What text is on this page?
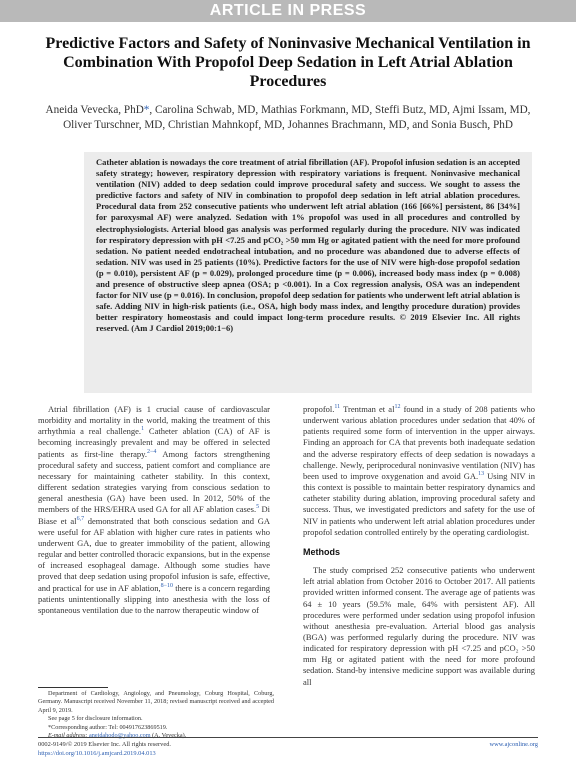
ARTICLE IN PRESS
Predictive Factors and Safety of Noninvasive Mechanical Ventilation in Combination With Propofol Deep Sedation in Left Atrial Ablation Procedures
Aneida Vevecka, PhD*, Carolina Schwab, MD, Mathias Forkmann, MD, Steffi Butz, MD, Ajmi Issam, MD, Oliver Turschner, MD, Christian Mahnkopf, MD, Johannes Brachmann, MD, and Sonia Busch, PhD
Catheter ablation is nowadays the core treatment of atrial fibrillation (AF). Propofol infusion sedation is an accepted safety strategy; however, respiratory depression with respiratory variations is frequent. Noninvasive mechanical ventilation (NIV) added to deep sedation could improve procedural safety and success. We sought to assess the predictive factors and safety of NIV in combination to propofol deep sedation in left atrial ablation procedures. Procedural data from 252 consecutive patients who underwent left atrial ablation (166 [66%] persistent, 86 [34%] for paroxysmal AF) were analyzed. Sedation with 1% propofol was used in all procedures and controlled by electrophysiologists. Arterial blood gas analysis was performed regularly during the procedure. NIV was indicated for respiratory depression with pH <7.25 and pCO₂ >50 mm Hg or agitated patient with the need for more profound sedation. No patient needed endotracheal intubation, and no procedure was abandoned due to adverse effects of sedation. NIV was used in 25 patients (10%). Predictive factors for the use of NIV were high-dose propofol sedation (p = 0.010), persistent AF (p = 0.029), prolonged procedure time (p = 0.006), increased body mass index (p = 0.008) and presence of obstructive sleep apnea (OSA; p <0.001). In a Cox regression analysis, OSA was an independent factor for NIV use (p = 0.016). In conclusion, propofol deep sedation for patients who underwent left atrial ablation is safe. Adding NIV in high-risk patients (i.e., OSA, high body mass index, and lengthy procedure duration) provides better respiratory homeostasis and could impact long-term procedure results. © 2019 Elsevier Inc. All rights reserved. (Am J Cardiol 2019;00:1−6)

Atrial fibrillation (AF) is 1 crucial cause of cardiovascular morbidity and mortality in the world, making the treatment of this arrhythmia a real challenge.$^1$ Catheter ablation (CA) of AF is becoming increasingly prevalent and may be offered in selected patients as first-line therapy.$^{2-4}$ Among factors strengthening procedural safety and success, patient comfort and compliance are necessary for maintaining catheter stability. In this context, different sedation strategies varying from conscious sedation to general anesthesia (GA) have been used. In 2012, 50% of the members of the HRS/EHRA used GA for all AF ablation cases.$^5$ Di Biase et al$^{6,7}$ demonstrated that both conscious sedation and GA were useful for AF ablation with higher cure rates in patients who underwent GA, due to greater immobility of the patient, allowing regular and better controlled thoracic expansions, but in the expense of increased esophageal damage. Although some studies have proved that deep sedation using propofol infusion is safe, effective, and practical for use in AF ablation,$^{8-10}$ there is a concern regarding patients unintentionally slipping into anesthesia with the loss of spontaneous ventilation due to the narrow therapeutic window of

propofol.$^{11}$ Trentman et al$^{12}$ found in a study of 208 patients who underwent various ablation procedures under sedation that 40% of patients required some form of intervention in the upper airways. Finding an approach for CA that prevents both inadequate sedation and the adverse respiratory effects of deep sedation is nowadays a challenge. Newly, periprocedural noninvasive ventilation (NIV) has been used to improve oxygenation and avoid GA.$^{13}$ Using NIV in this context is possible to maintain better respiratory dynamics and catheter stability during ablation, improving procedural safety and success. Thus, we investigated predictors and safety for the use of NIV in patients who underwent left atrial ablation procedures under propofol sedation controlled entirely by the operating cardiologist.

Methods

The study comprised 252 consecutive patients who underwent left atrial ablation from October 2016 to October 2017. All patients provided written informed consent. The average age of patients was 64 ± 10 years (59.5% male, 64% with persistent AF). All procedures were performed under sedation using propofol infusion without anesthesia pre-evaluation. Arterial blood gas analysis (BGA) was performed regularly during the procedure. NIV was indicated for respiratory depression with pH <7.25 and pCO₂ >50 mm Hg or agitated patient with the need for more profound sedation. Stand-by intensive medicine support was available during all

Department of Cardiology, Angiology, and Pneumology, Coburg Hospital, Coburg, Germany. Manuscript received November 11, 2018; revised manuscript received and accepted April 9, 2019.

See page 5 for disclosure information.

*Corresponding author: Tel: 004917623869519.

E-mail address: aneidahodo@yahoo.com (A. Vevecka).

0002-9149/© 2019 Elsevier Inc. All rights reserved.
https://doi.org/10.1016/j.amjcard.2019.04.013
www.ajconline.org
